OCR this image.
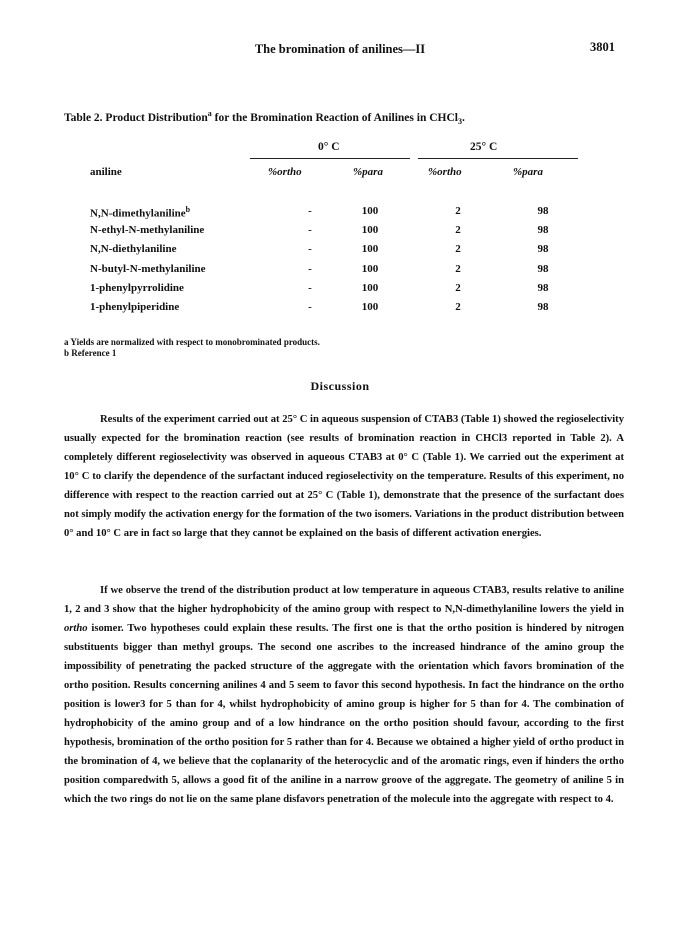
The bromination of anilines—II	3801
Table 2. Product Distribution$^a$ for the Bromination Reaction of Anilines in CHCl$_3$.
0° C	25° C
aniline	%ortho	%para	%ortho	%para
N,N-dimethylaniline$^b$	-	100	2	98
N-ethyl-N-methylaniline	-	100	2	98
N,N-diethylaniline	-	100	2	98
N-butyl-N-methylaniline	-	100	2	98
1-phenylpyrrolidine	-	100	2	98
1-phenylpiperidine	-	100	2	98
a Yields are normalized with respect to monobrominated products.
b Reference 1
Discussion

Results of the experiment carried out at 25° C in aqueous suspension of CTAB3 (Table 1) showed the regioselectivity usually expected for the bromination reaction (see results of bromination reaction in CHCl3 reported in Table 2). A completely different regioselectivity was observed in aqueous CTAB3 at 0° C (Table 1). We carried out the experiment at 10° C to clarify the dependence of the surfactant induced regioselectivity on the temperature. Results of this experiment, no difference with respect to the reaction carried out at 25° C (Table 1), demonstrate that the presence of the surfactant does not simply modify the activation energy for the formation of the two isomers. Variations in the product distribution between 0° and 10° C are in fact so large that they cannot be explained on the basis of different activation energies.

If we observe the trend of the distribution product at low temperature in aqueous CTAB3, results relative to aniline 1, 2 and 3 show that the higher hydrophobicity of the amino group with respect to N,N-dimethylaniline lowers the yield in ortho isomer. Two hypotheses could explain these results. The first one is that the ortho position is hindered by nitrogen substituents bigger than methyl groups. The second one ascribes to the increased hindrance of the amino group the impossibility of penetrating the packed structure of the aggregate with the orientation which favors bromination of the ortho position. Results concerning anilines 4 and 5 seem to favor this second hypothesis. In fact the hindrance on the ortho position is lower3 for 5 than for 4, whilst hydrophobicity of amino group is higher for 5 than for 4. The combination of hydrophobicity of the amino group and of a low hindrance on the ortho position should favour, according to the first hypothesis, bromination of the ortho position for 5 rather than for 4. Because we obtained a higher yield of ortho product in the bromination of 4, we believe that the coplanarity of the heterocyclic and of the aromatic rings, even if hinders the ortho position comparedwith 5, allows a good fit of the aniline in a narrow groove of the aggregate. The geometry of aniline 5 in which the two rings do not lie on the same plane disfavors penetration of the molecule into the aggregate with respect to 4.
